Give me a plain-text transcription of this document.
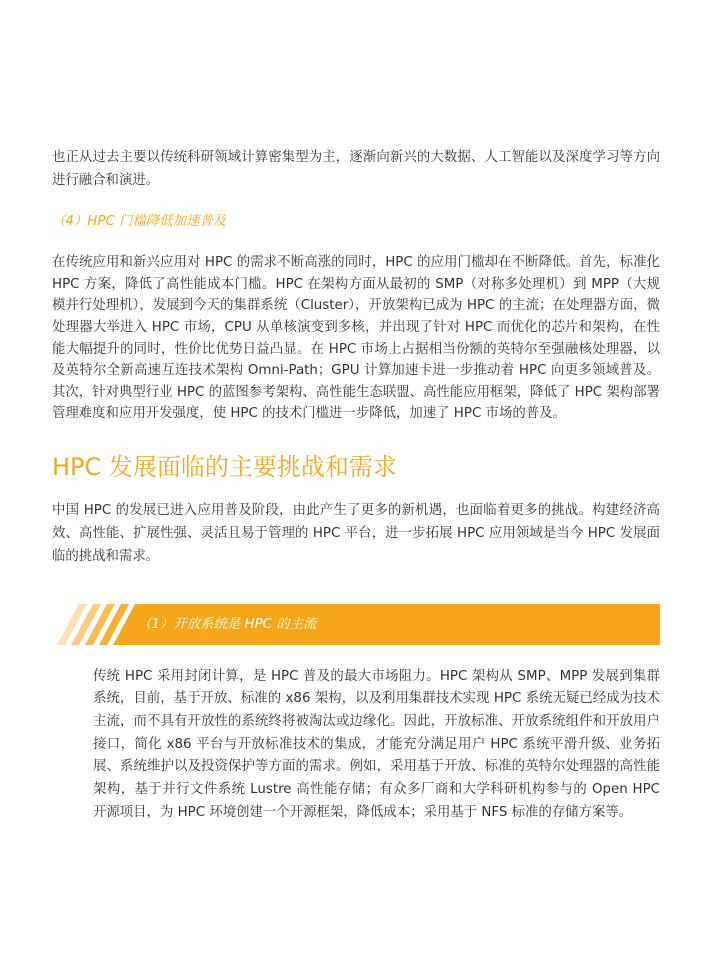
也正从过去主要以传统科研领域计算密集型为主，逐渐向新兴的大数据、人工智能以及深度学习等方向进行融合和演进。

（4）HPC 门槛降低加速普及

在传统应用和新兴应用对 HPC 的需求不断高涨的同时，HPC 的应用门槛却在不断降低。首先，标准化 HPC 方案，降低了高性能成本门槛。HPC 在架构方面从最初的 SMP（对称多处理机）到 MPP（大规模并行处理机），发展到今天的集群系统（Cluster），开放架构已成为 HPC 的主流；在处理器方面，微处理器大举进入 HPC 市场，CPU 从单核演变到多核，并出现了针对 HPC 而优化的芯片和架构，在性能大幅提升的同时，性价比优势日益凸显。在 HPC 市场上占据相当份额的英特尔至强融核处理器，以及英特尔全新高速互连技术架构 Omni-Path；GPU 计算加速卡进一步推动着 HPC 向更多领域普及。其次，针对典型行业 HPC 的蓝图参考架构、高性能生态联盟、高性能应用框架，降低了 HPC 架构部署管理难度和应用开发强度，使 HPC 的技术门槛进一步降低，加速了 HPC 市场的普及。

HPC 发展面临的主要挑战和需求

中国 HPC 的发展已进入应用普及阶段，由此产生了更多的新机遇，也面临着更多的挑战。构建经济高效、高性能、扩展性强、灵活且易于管理的 HPC 平台，进一步拓展 HPC 应用领域是当今 HPC 发展面临的挑战和需求。

（1）开放系统是 HPC 的主流

传统 HPC 采用封闭计算，是 HPC 普及的最大市场阻力。HPC 架构从 SMP、MPP 发展到集群系统，目前，基于开放、标准的 x86 架构，以及利用集群技术实现 HPC 系统无疑已经成为技术主流，而不具有开放性的系统终将被淘汰或边缘化。因此，开放标准、开放系统组件和开放用户接口，简化 x86 平台与开放标准技术的集成，才能充分满足用户 HPC 系统平滑升级、业务拓展、系统维护以及投资保护等方面的需求。例如，采用基于开放、标准的英特尔处理器的高性能架构，基于并行文件系统 Lustre 高性能存储；有众多厂商和大学科研机构参与的 Open HPC 开源项目，为 HPC 环境创建一个开源框架，降低成本；采用基于 NFS 标准的存储方案等。
